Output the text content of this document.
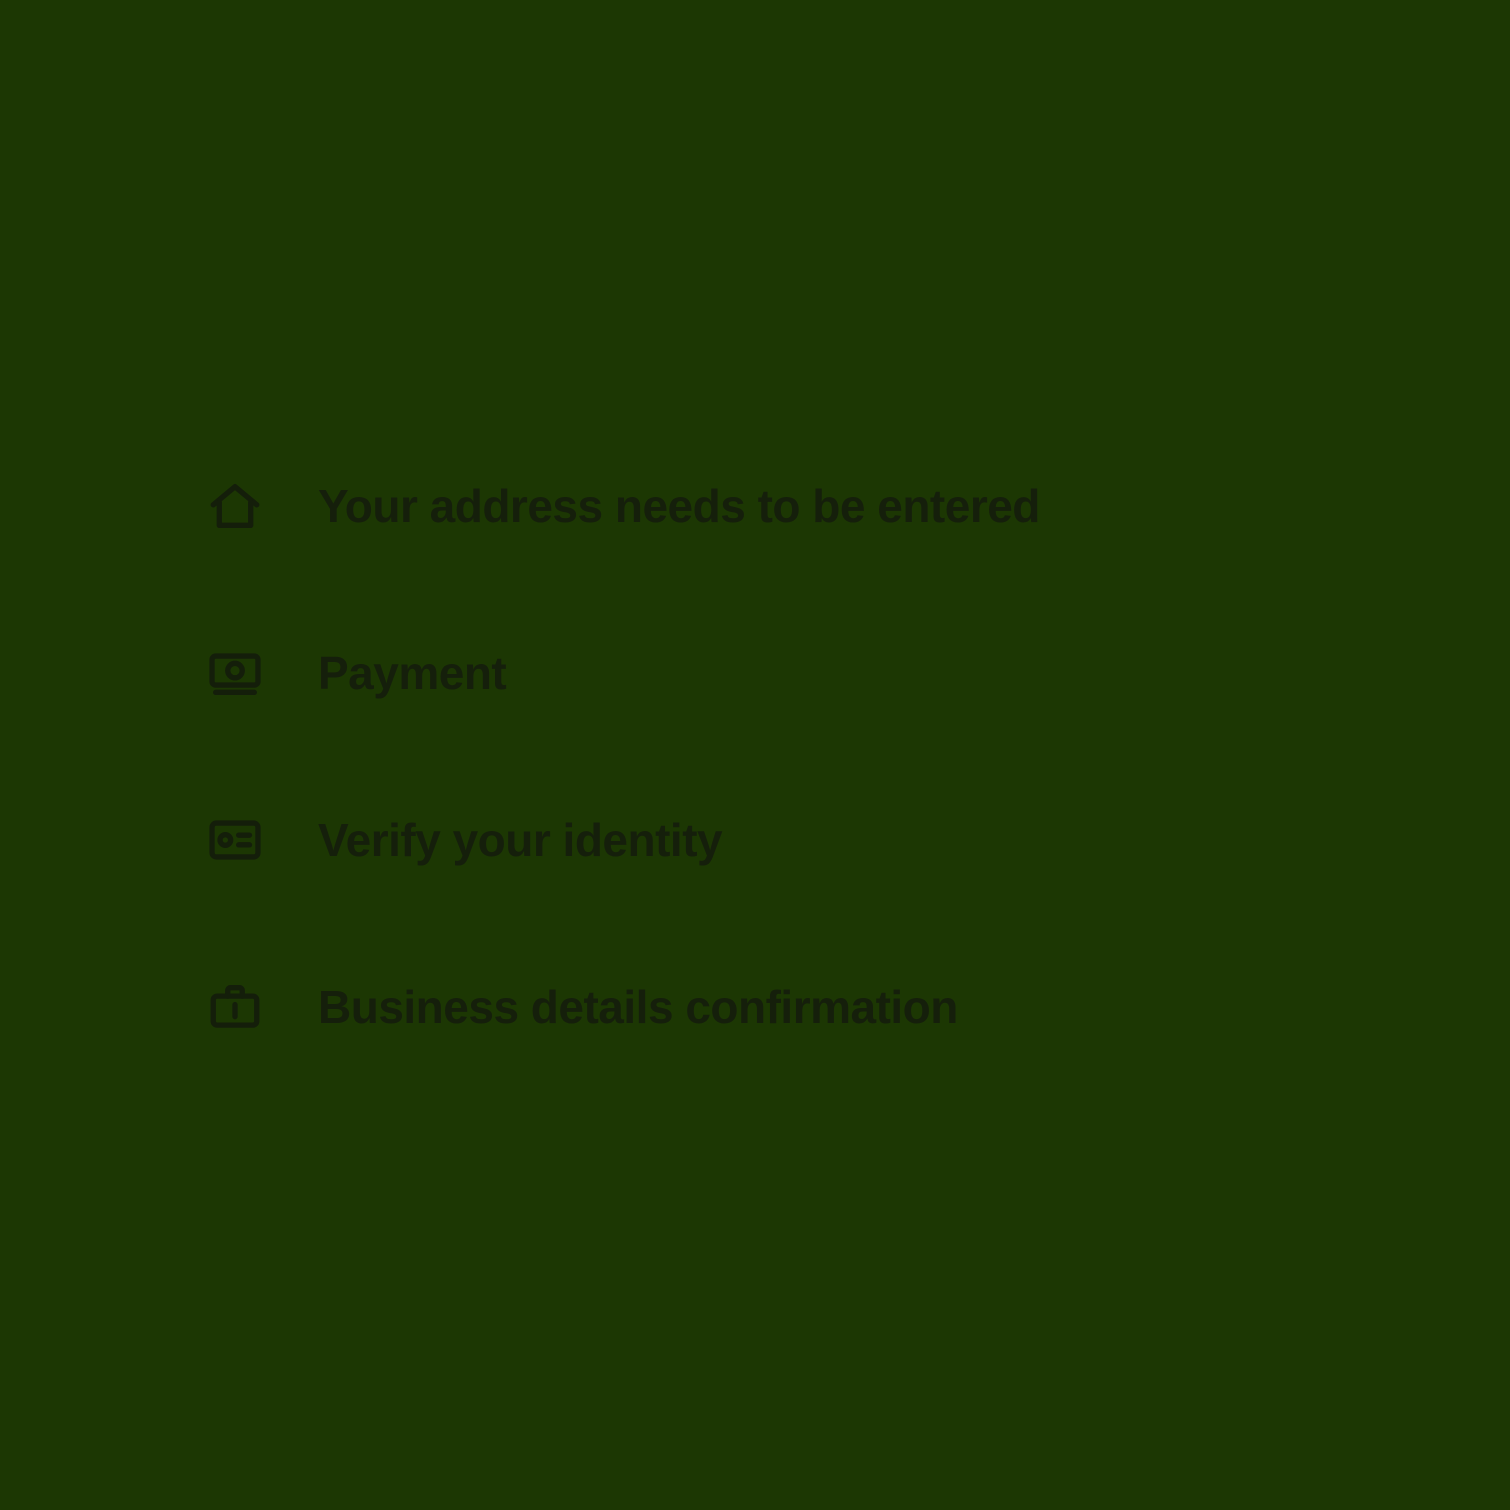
Your address needs to be entered
Payment
Verify your identity
Business details confirmation
